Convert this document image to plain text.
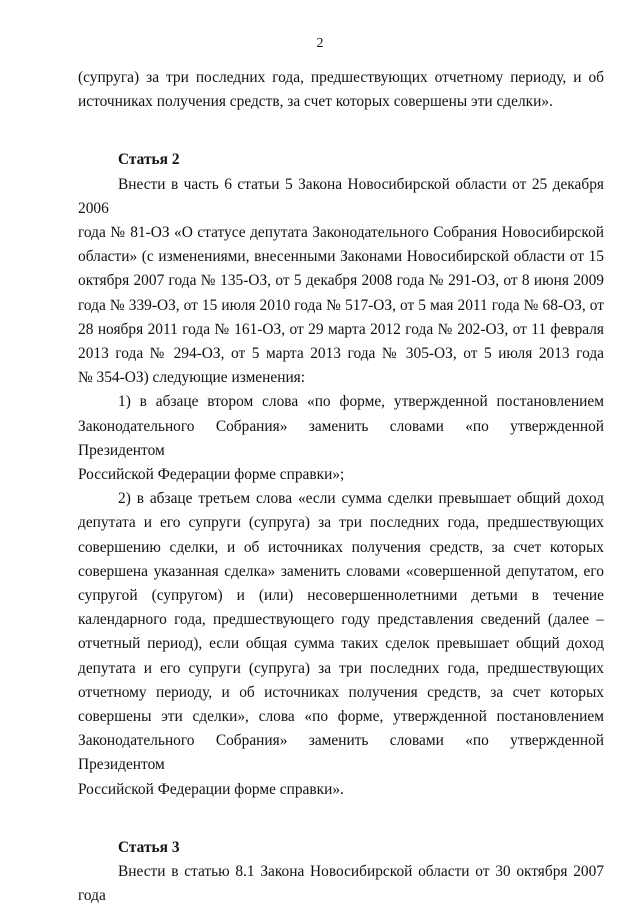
2

(супруга) за три последних года, предшествующих отчетному периоду, и об

источниках получения средств, за счет которых совершены эти сделки».

Статья 2

Внести в часть 6 статьи 5 Закона Новосибирской области от 25 декабря 2006

года № 81-ОЗ «О статусе депутата Законодательного Собрания Новосибирской

области» (с изменениями, внесенными Законами Новосибирской области от 15

октября 2007 года № 135-ОЗ, от 5 декабря 2008 года № 291-ОЗ, от 8 июня 2009

года № 339-ОЗ, от 15 июля 2010 года № 517-ОЗ, от 5 мая 2011 года № 68-ОЗ, от

28 ноября 2011 года № 161-ОЗ, от 29 марта 2012 года № 202-ОЗ, от 11 февраля

2013 года № 294-ОЗ, от 5 марта 2013 года № 305-ОЗ, от 5 июля 2013 года

№ 354-ОЗ) следующие изменения:

1) в абзаце втором слова «по форме, утвержденной постановлением

Законодательного Собрания» заменить словами «по утвержденной Президентом

Российской Федерации форме справки»;

2) в абзаце третьем слова «если сумма сделки превышает общий доход

депутата и его супруги (супруга) за три последних года, предшествующих

совершению сделки, и об источниках получения средств, за счет которых

совершена указанная сделка» заменить словами «совершенной депутатом, его

супругой (супругом) и (или) несовершеннолетними детьми в течение

календарного года, предшествующего году представления сведений (далее –

отчетный период), если общая сумма таких сделок превышает общий доход

депутата и его супруги (супруга) за три последних года, предшествующих

отчетному периоду, и об источниках получения средств, за счет которых

совершены эти сделки», слова «по форме, утвержденной постановлением

Законодательного Собрания» заменить словами «по утвержденной Президентом

Российской Федерации форме справки».

Статья 3

Внести в статью 8.1 Закона Новосибирской области от 30 октября 2007 года
